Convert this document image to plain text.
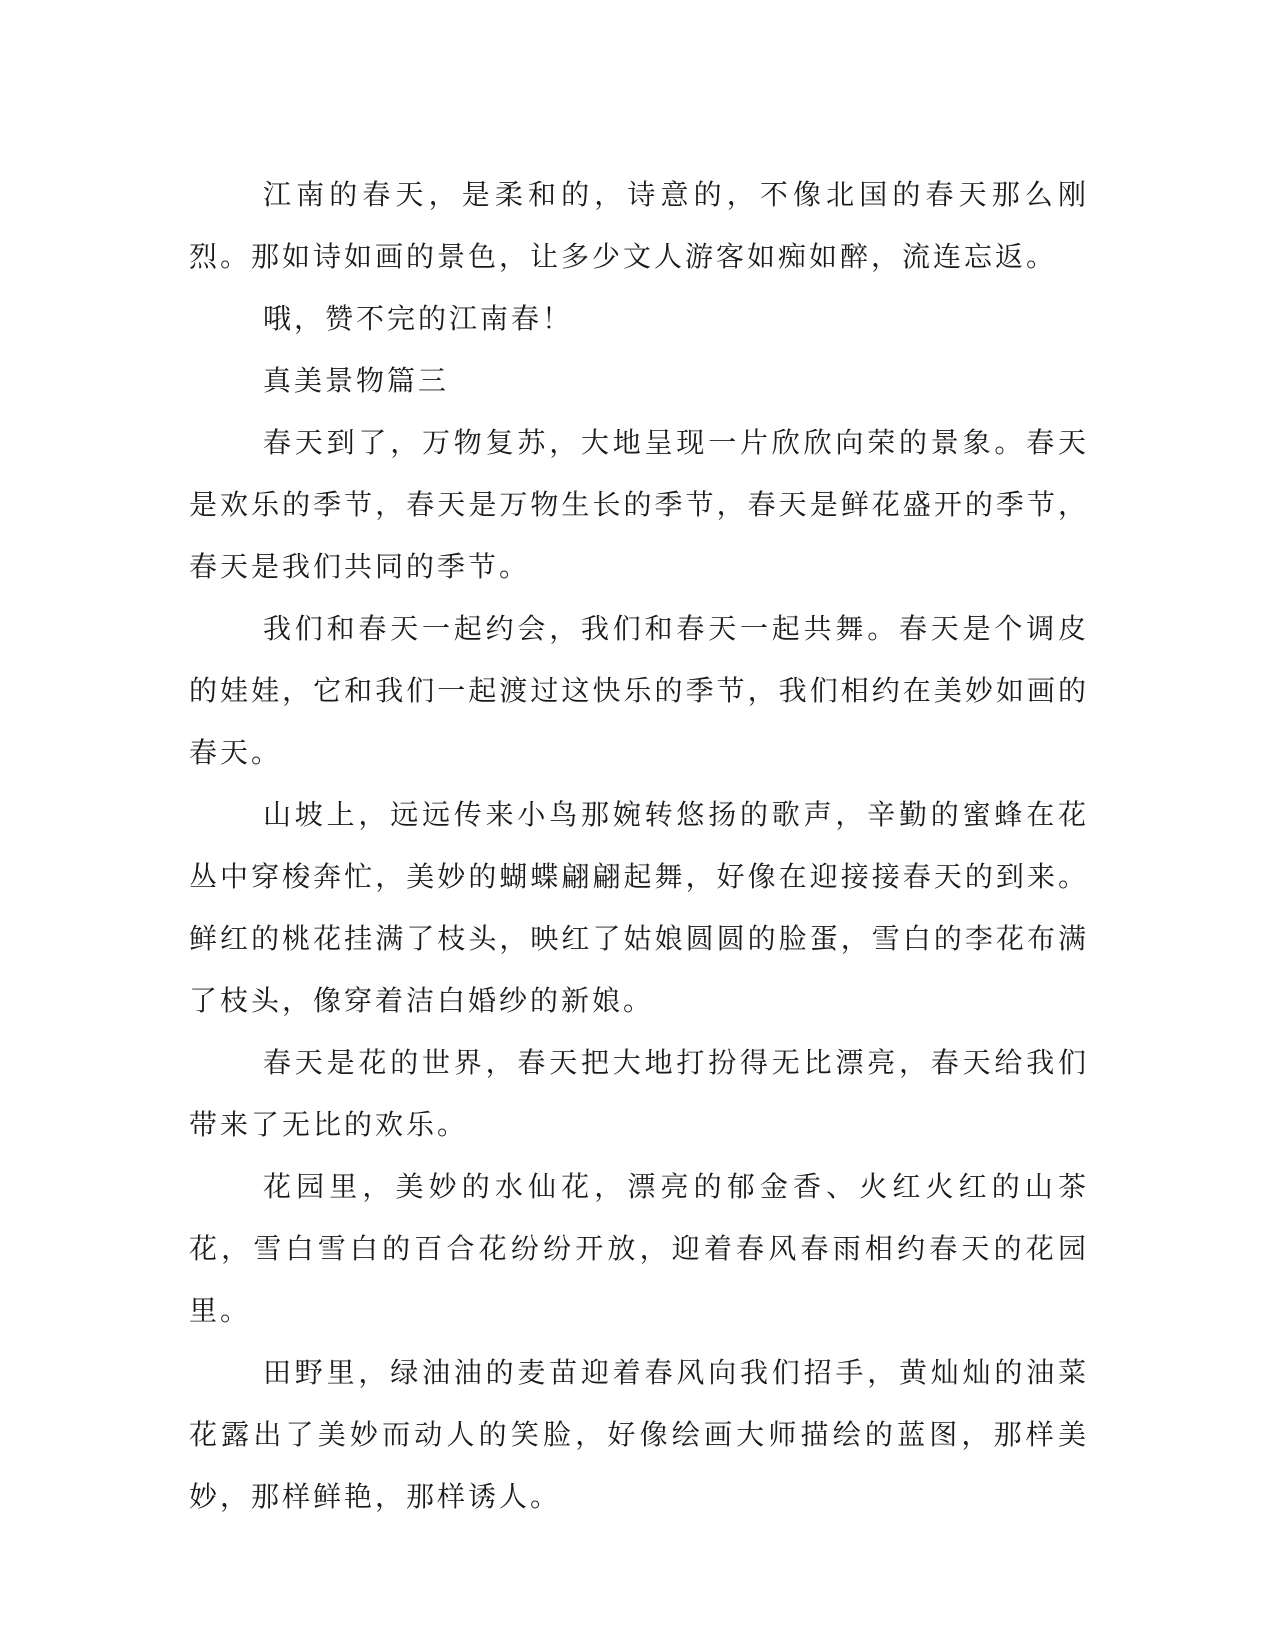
江南的春天，是柔和的，诗意的，不像北国的春天那么刚烈。那如诗如画的景色，让多少文人游客如痴如醉，流连忘返。

哦，赞不完的江南春！

真美景物篇三

春天到了，万物复苏，大地呈现一片欣欣向荣的景象。春天是欢乐的季节，春天是万物生长的季节，春天是鲜花盛开的季节，春天是我们共同的季节。

我们和春天一起约会，我们和春天一起共舞。春天是个调皮的娃娃，它和我们一起渡过这快乐的季节，我们相约在美妙如画的春天。

山坡上，远远传来小鸟那婉转悠扬的歌声，辛勤的蜜蜂在花丛中穿梭奔忙，美妙的蝴蝶翩翩起舞，好像在迎接接春天的到来。鲜红的桃花挂满了枝头，映红了姑娘圆圆的脸蛋，雪白的李花布满了枝头，像穿着洁白婚纱的新娘。

春天是花的世界，春天把大地打扮得无比漂亮，春天给我们带来了无比的欢乐。

花园里，美妙的水仙花，漂亮的郁金香、火红火红的山茶花，雪白雪白的百合花纷纷开放，迎着春风春雨相约春天的花园里。

田野里，绿油油的麦苗迎着春风向我们招手，黄灿灿的油菜花露出了美妙而动人的笑脸，好像绘画大师描绘的蓝图，那样美妙，那样鲜艳，那样诱人。
